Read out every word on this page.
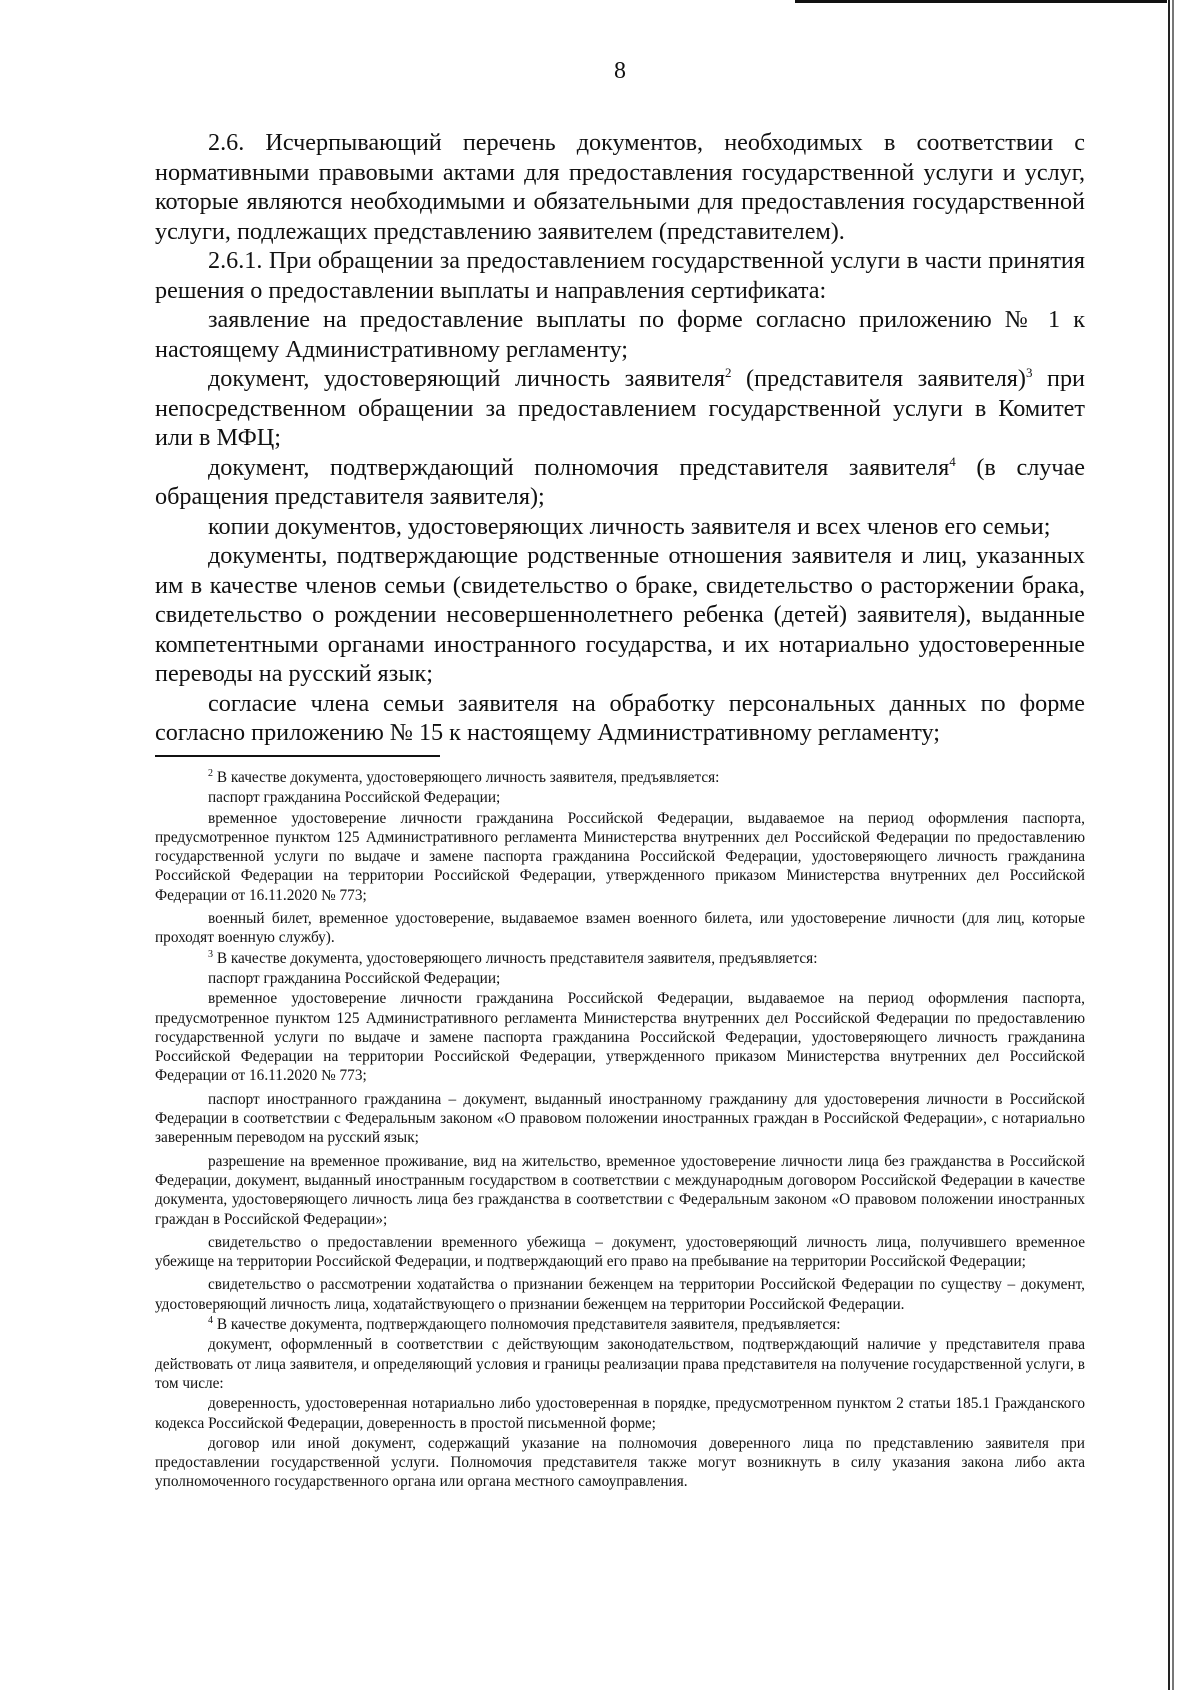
8

2.6. Исчерпывающий перечень документов, необходимых в соответствии с нормативными правовыми актами для предоставления государственной услуги и услуг, которые являются необходимыми и обязательными для предоставления государственной услуги, подлежащих представлению заявителем (представителем).

2.6.1. При обращении за предоставлением государственной услуги в части принятия решения о предоставлении выплаты и направления сертификата:

заявление на предоставление выплаты по форме согласно приложению № 1 к настоящему Административному регламенту;

документ, удостоверяющий личность заявителя$^2$ (представителя заявителя)$^3$ при непосредственном обращении за предоставлением государственной услуги в Комитет или в МФЦ;

документ, подтверждающий полномочия представителя заявителя$^4$ (в случае обращения представителя заявителя);

копии документов, удостоверяющих личность заявителя и всех членов его семьи;

документы, подтверждающие родственные отношения заявителя и лиц, указанных им в качестве членов семьи (свидетельство о браке, свидетельство о расторжении брака, свидетельство о рождении несовершеннолетнего ребенка (детей) заявителя), выданные компетентными органами иностранного государства, и их нотариально удостоверенные переводы на русский язык;

согласие члена семьи заявителя на обработку персональных данных по форме согласно приложению № 15 к настоящему Административному регламенту;

$^2$ В качестве документа, удостоверяющего личность заявителя, предъявляется:

паспорт гражданина Российской Федерации;

временное удостоверение личности гражданина Российской Федерации, выдаваемое на период оформления паспорта, предусмотренное пунктом 125 Административного регламента Министерства внутренних дел Российской Федерации по предоставлению государственной услуги по выдаче и замене паспорта гражданина Российской Федерации, удостоверяющего личность гражданина Российской Федерации на территории Российской Федерации, утвержденного приказом Министерства внутренних дел Российской Федерации от 16.11.2020 № 773;

военный билет, временное удостоверение, выдаваемое взамен военного билета, или удостоверение личности (для лиц, которые проходят военную службу).

$^3$ В качестве документа, удостоверяющего личность представителя заявителя, предъявляется:

паспорт гражданина Российской Федерации;

временное удостоверение личности гражданина Российской Федерации, выдаваемое на период оформления паспорта, предусмотренное пунктом 125 Административного регламента Министерства внутренних дел Российской Федерации по предоставлению государственной услуги по выдаче и замене паспорта гражданина Российской Федерации, удостоверяющего личность гражданина Российской Федерации на территории Российской Федерации, утвержденного приказом Министерства внутренних дел Российской Федерации от 16.11.2020 № 773;

паспорт иностранного гражданина – документ, выданный иностранному гражданину для удостоверения личности в Российской Федерации в соответствии с Федеральным законом «О правовом положении иностранных граждан в Российской Федерации», с нотариально заверенным переводом на русский язык;

разрешение на временное проживание, вид на жительство, временное удостоверение личности лица без гражданства в Российской Федерации, документ, выданный иностранным государством в соответствии с международным договором Российской Федерации в качестве документа, удостоверяющего личность лица без гражданства в соответствии с Федеральным законом «О правовом положении иностранных граждан в Российской Федерации»;

свидетельство о предоставлении временного убежища – документ, удостоверяющий личность лица, получившего временное убежище на территории Российской Федерации, и подтверждающий его право на пребывание на территории Российской Федерации;

свидетельство о рассмотрении ходатайства о признании беженцем на территории Российской Федерации по существу – документ, удостоверяющий личность лица, ходатайствующего о признании беженцем на территории Российской Федерации.

$^4$ В качестве документа, подтверждающего полномочия представителя заявителя, предъявляется:

документ, оформленный в соответствии с действующим законодательством, подтверждающий наличие у представителя права действовать от лица заявителя, и определяющий условия и границы реализации права представителя на получение государственной услуги, в том числе:

доверенность, удостоверенная нотариально либо удостоверенная в порядке, предусмотренном пунктом 2 статьи 185.1 Гражданского кодекса Российской Федерации, доверенность в простой письменной форме;

договор или иной документ, содержащий указание на полномочия доверенного лица по представлению заявителя при предоставлении государственной услуги. Полномочия представителя также могут возникнуть в силу указания закона либо акта уполномоченного государственного органа или органа местного самоуправления.
